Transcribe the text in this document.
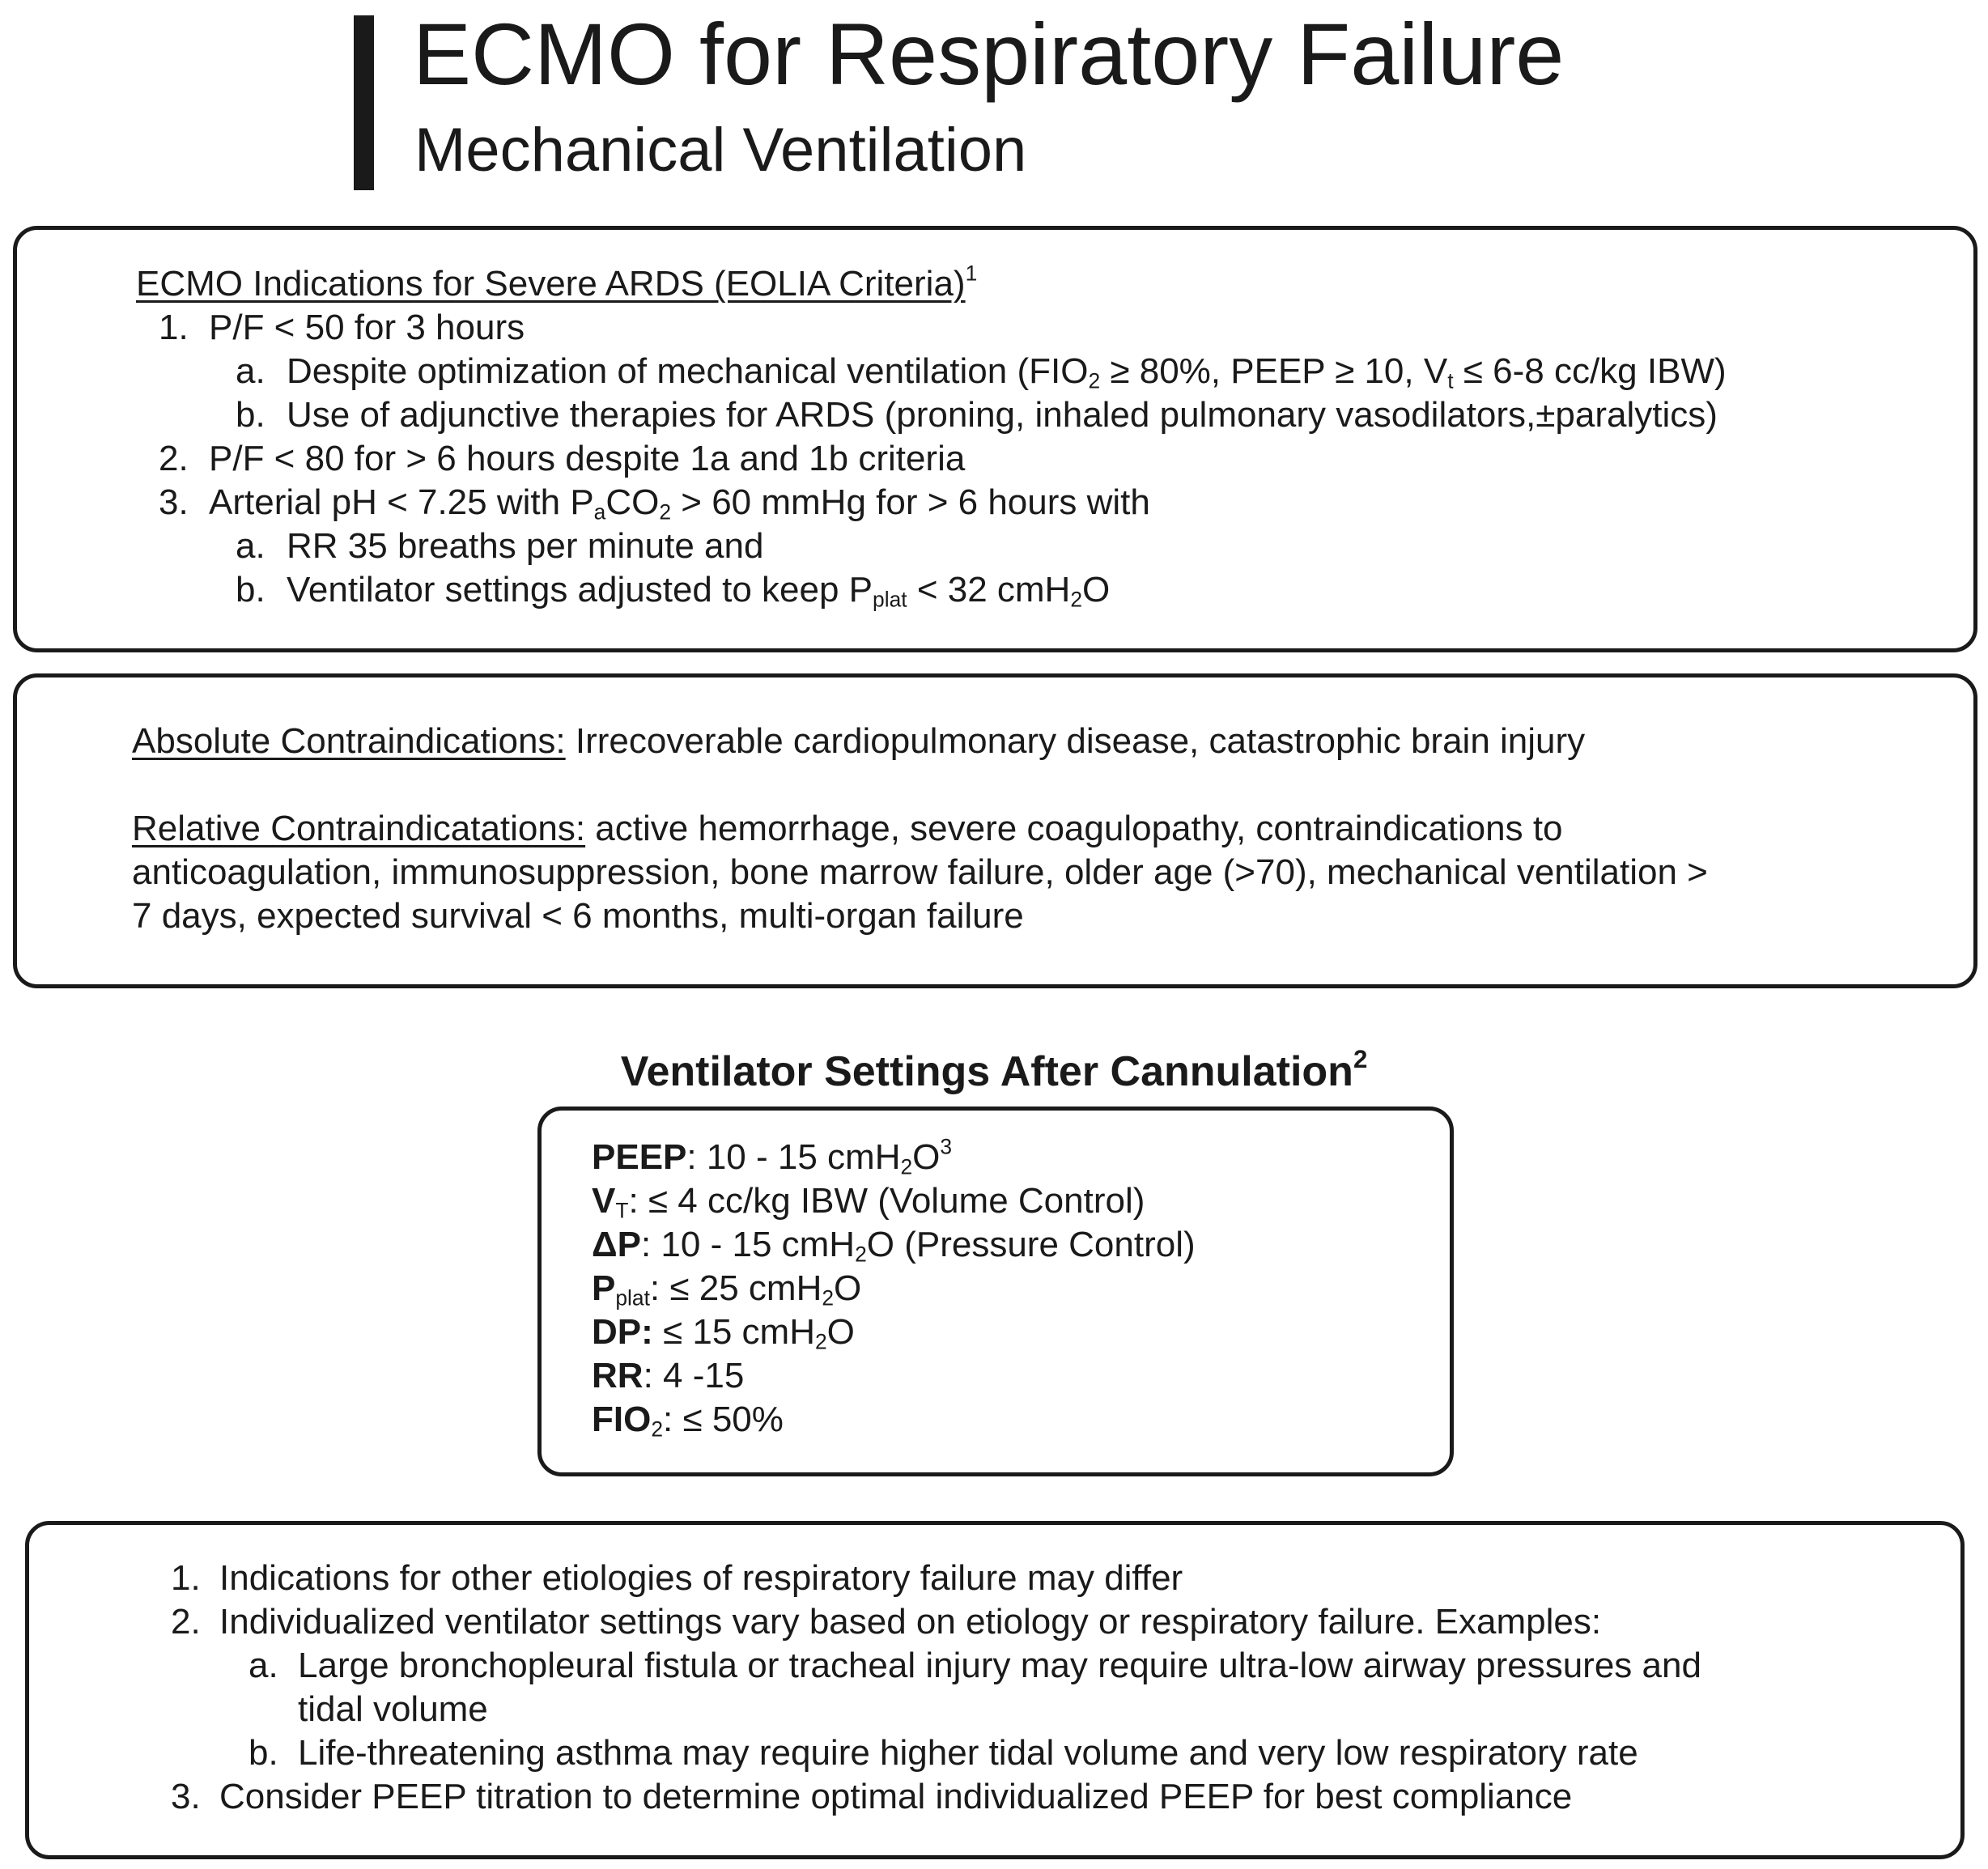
ECMO for Respiratory Failure
Mechanical Ventilation
ECMO Indications for Severe ARDS (EOLIA Criteria)$^1$
1. P/F < 50 for 3 hours
a. Despite optimization of mechanical ventilation ($FIO_2 \ge 80\%$, PEEP ≥ 10, $V_t \le 6-8$ cc/kg IBW)
b. Use of adjunctive therapies for ARDS (proning, inhaled pulmonary vasodilators,±paralytics)
2. P/F < 80 for > 6 hours despite 1a and 1b criteria
3. Arterial pH < 7.25 with $P_aCO_2 > 60$ mmHg for > 6 hours with
a. RR 35 breaths per minute and
b. Ventilator settings adjusted to keep $P_{plat} < 32$ cmH$_2$O
Absolute Contraindications: Irrecoverable cardiopulmonary disease, catastrophic brain injury
Relative Contraindicatations: active hemorrhage, severe coagulopathy, contraindications to
anticoagulation, immunosuppression, bone marrow failure, older age (>70), mechanical ventilation >
7 days, expected survival < 6 months, multi-organ failure
Ventilator Settings After Cannulation$^2$
PEEP: 10 - 15 $cmH_2O^3$
$V_T$: ≤ 4 cc/kg IBW (Volume Control)
ΔP: 10 - 15 cmH$_2$O (Pressure Control)
$P_{plat}$: ≤ 25 cmH$_2$O
DP: ≤ 15 cmH$_2$O
RR: 4 -15
$FIO_2$: ≤ 50%
1. Indications for other etiologies of respiratory failure may differ
2. Individualized ventilator settings vary based on etiology or respiratory failure. Examples:
a. Large bronchopleural fistula or tracheal injury may require ultra-low airway pressures and
tidal volume
b. Life-threatening asthma may require higher tidal volume and very low respiratory rate
3. Consider PEEP titration to determine optimal individualized PEEP for best compliance
